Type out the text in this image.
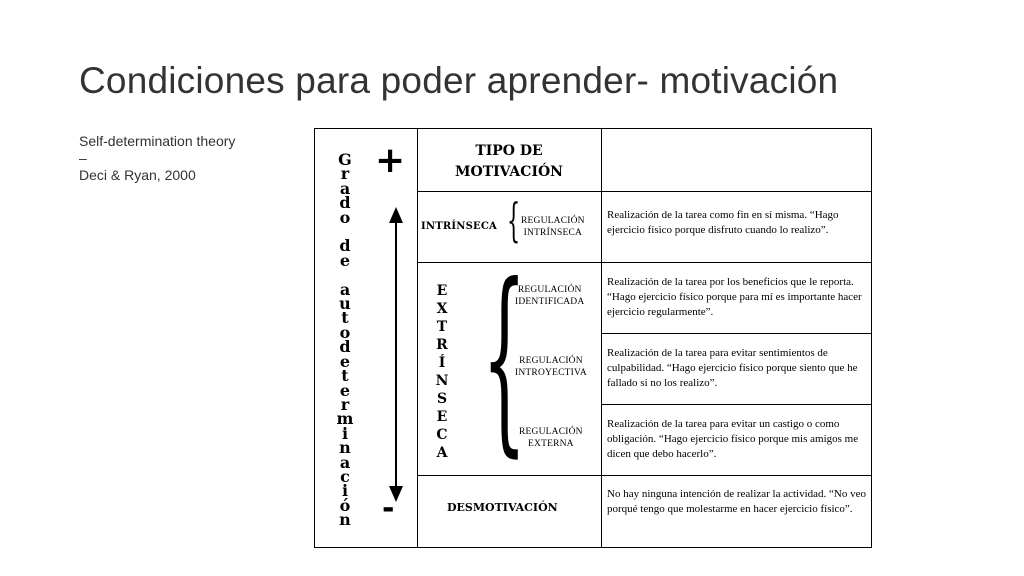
Condiciones para poder aprender- motivación
Self-determination theory
–
Deci & Ryan, 2000
G
r
a
d
o

d
e

a
u
t
o
d
e
t
e
r
m
i
n
a
c
i
ó
n
+
-
TIPO DE
MOTIVACIÓN
INTRÍNSECA { REGULACIÓN
INTRÍNSECA
Realización de la tarea como fin en sí misma. “Hago ejercicio físico porque disfruto cuando lo realizo”.
E
X
T
R
Í
N
S
E
C
A {
REGULACIÓN
IDENTIFICADA
Realización de la tarea por los beneficios que le reporta. “Hago ejercicio físico porque para mí es importante hacer ejercicio regularmente”.
REGULACIÓN
INTROYECTIVA
Realización de la tarea para evitar sentimientos de culpabilidad. “Hago ejercicio físico porque siento que he fallado si no los realizo”.
REGULACIÓN
EXTERNA
Realización de la tarea para evitar un castigo o como obligación. “Hago ejercicio físico porque mis amigos me dicen que debo hacerlo”.
DESMOTIVACIÓN
No hay ninguna intención de realizar la actividad. “No veo porqué tengo que molestarme en hacer ejercicio físico”.
